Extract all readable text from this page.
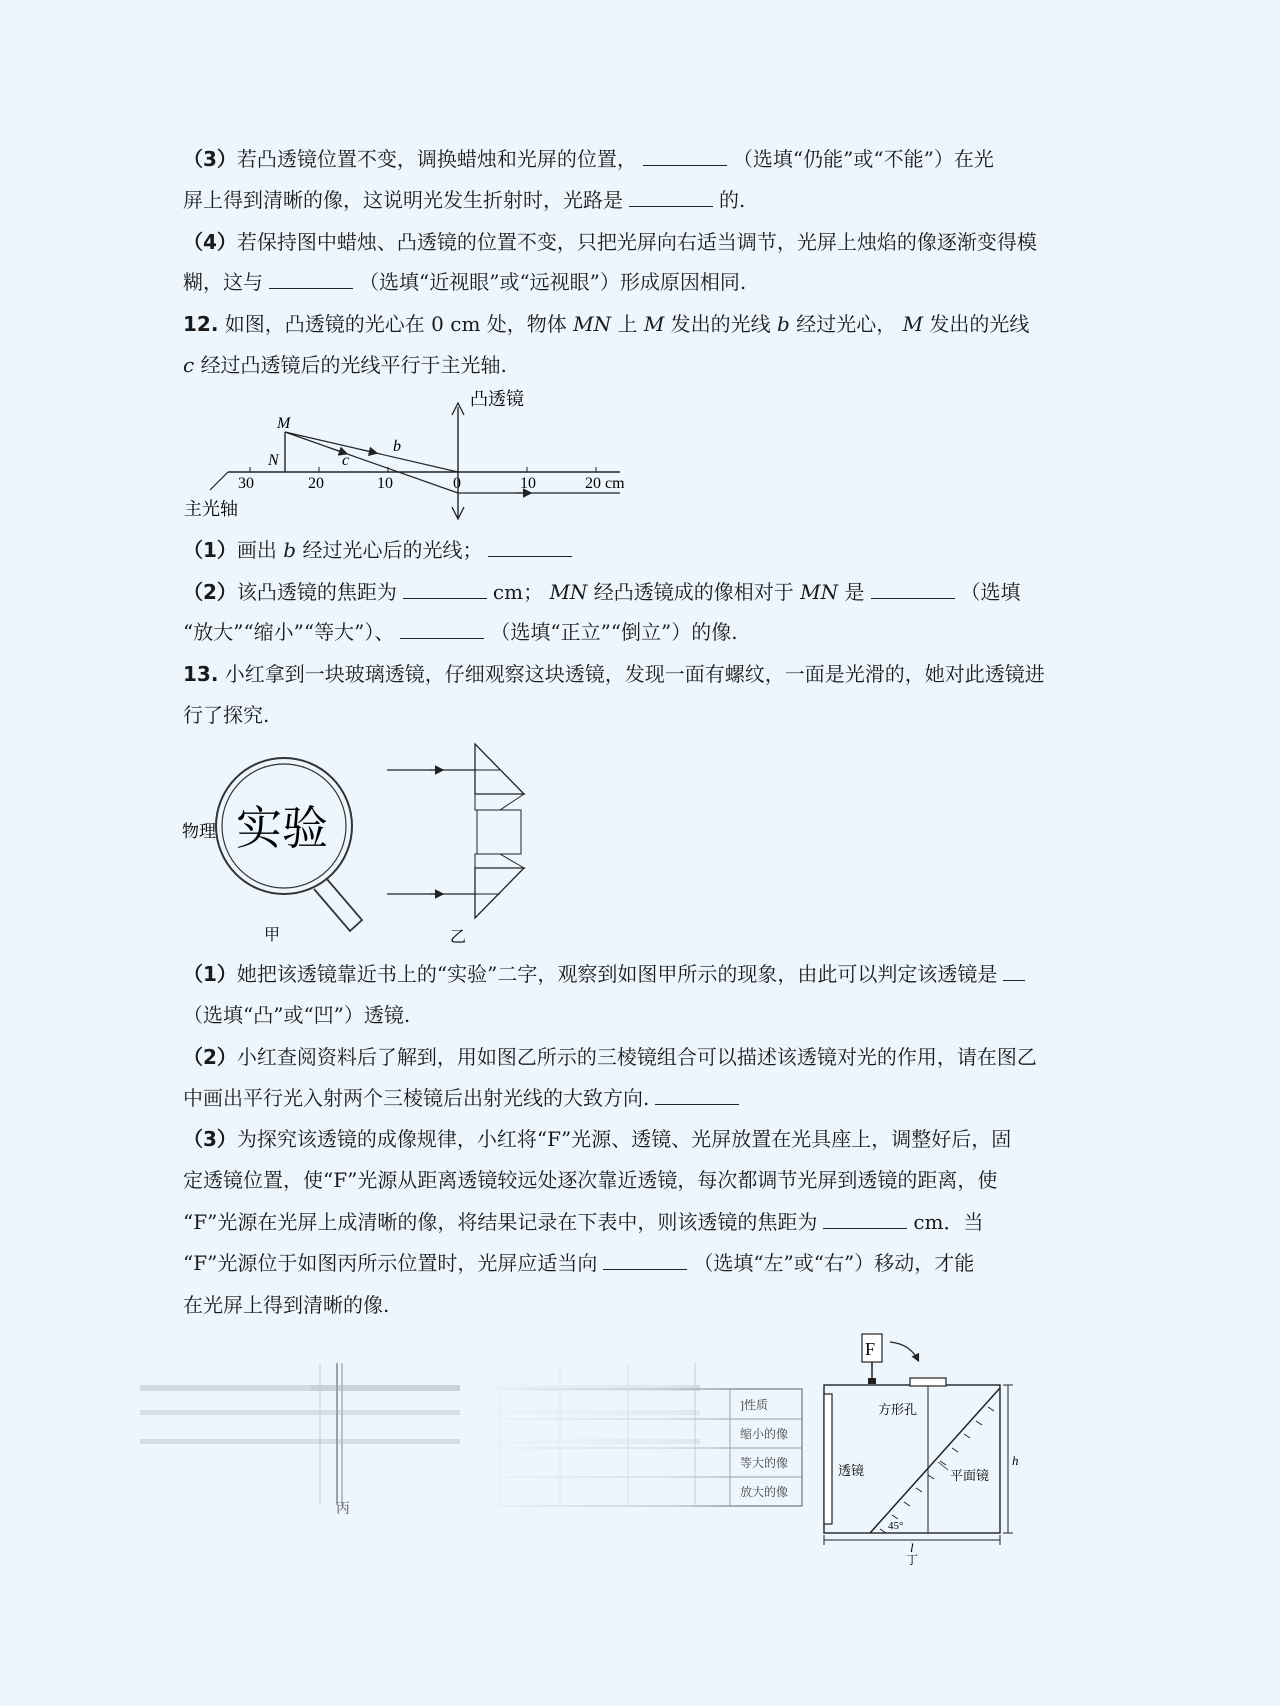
（3）若凸透镜位置不变，调换蜡烛和光屏的位置，	（选填“仍能”或“不能”）在光
屏上得到清晰的像，这说明光发生折射时，光路是	的.
（4）若保持图中蜡烛、凸透镜的位置不变，只把光屏向右适当调节，光屏上烛焰的像逐渐变得模
糊，这与	（选填“近视眼”或“远视眼”）形成原因相同.
12. 如图，凸透镜的光心在 0 cm 处，物体 MN 上 M 发出的光线 b 经过光心， M 发出的光线
c 经过凸透镜后的光线平行于主光轴.
30	20	10	0	10	20 cm
M
N
凸透镜
b
c
主光轴
（1）画出 b 经过光心后的光线；
（2）该凸透镜的焦距为	cm； MN 经凸透镜成的像相对于 MN 是	（选填
“放大”“缩小”“等大”）、	（选填“正立”“倒立”）的像.
13. 小红拿到一块玻璃透镜，仔细观察这块透镜，发现一面有螺纹，一面是光滑的，她对此透镜进
行了探究.
物理 实验
甲	乙
（1）她把该透镜靠近书上的“实验”二字，观察到如图甲所示的现象，由此可以判定该透镜是
（选填“凸”或“凹”）透镜.
（2）小红查阅资料后了解到，用如图乙所示的三棱镜组合可以描述该透镜对光的作用，请在图乙
中画出平行光入射两个三棱镜后出射光线的大致方向.
（3）为探究该透镜的成像规律，小红将“F”光源、透镜、光屏放置在光具座上，调整好后，固
定透镜位置，使“F”光源从距离透镜较远处逐次靠近透镜，每次都调节光屏到透镜的距离，使
“F”光源在光屏上成清晰的像，将结果记录在下表中，则该透镜的焦距为	cm．当
“F”光源位于如图丙所示位置时，光屏应适当向	（选填“左”或“右”）移动，才能
在光屏上得到清晰的像.
丙
]性质
缩小的像
等大的像
放大的像
F
方形孔
透镜	平面镜
45°
h
l
丁
